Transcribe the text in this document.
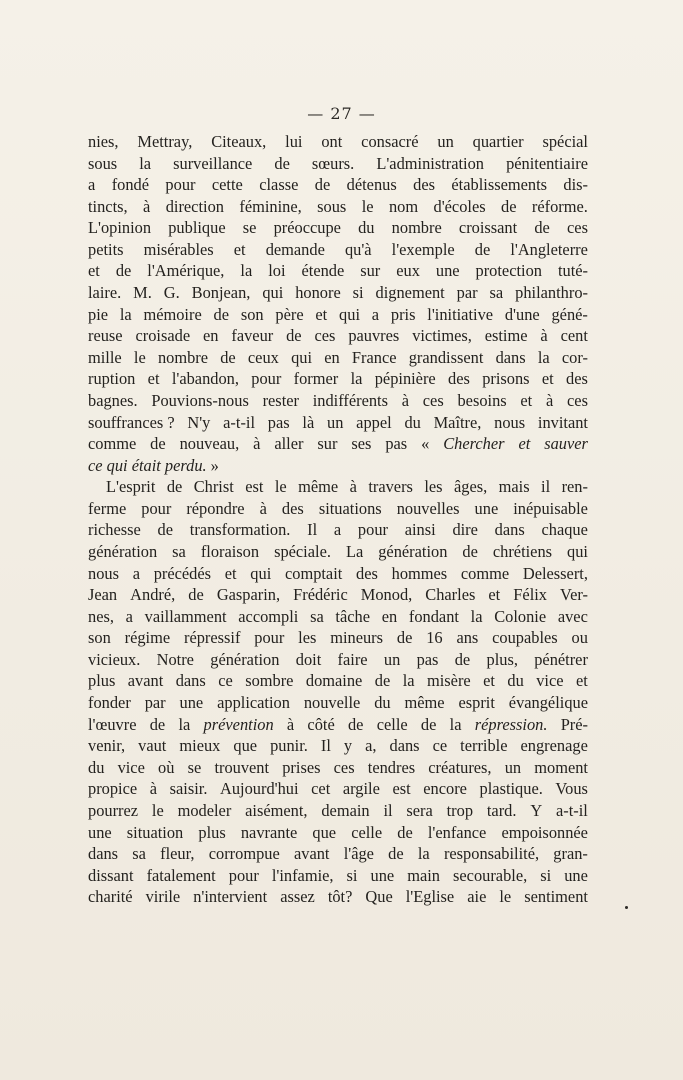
— 27 —
nies, Mettray, Citeaux, lui ont consacré un quartier spécial
sous la surveillance de sœurs. L'administration pénitentiaire
a fondé pour cette classe de détenus des établissements dis-
tincts, à direction féminine, sous le nom d'écoles de réforme.
L'opinion publique se préoccupe du nombre croissant de ces
petits misérables et demande qu'à l'exemple de l'Angleterre
et de l'Amérique, la loi étende sur eux une protection tuté-
laire. M. G. Bonjean, qui honore si dignement par sa philanthro-
pie la mémoire de son père et qui a pris l'initiative d'une géné-
reuse croisade en faveur de ces pauvres victimes, estime à cent
mille le nombre de ceux qui en France grandissent dans la cor-
ruption et l'abandon, pour former la pépinière des prisons et des
bagnes. Pouvions-nous rester indifférents à ces besoins et à ces
souffrances ? N'y a-t-il pas là un appel du Maître, nous invitant
comme de nouveau, à aller sur ses pas « Chercher et sauver
ce qui était perdu. »
L'esprit de Christ est le même à travers les âges, mais il ren-
ferme pour répondre à des situations nouvelles une inépuisable
richesse de transformation. Il a pour ainsi dire dans chaque
génération sa floraison spéciale. La génération de chrétiens qui
nous a précédés et qui comptait des hommes comme Delessert,
Jean André, de Gasparin, Frédéric Monod, Charles et Félix Ver-
nes, a vaillamment accompli sa tâche en fondant la Colonie avec
son régime répressif pour les mineurs de 16 ans coupables ou
vicieux. Notre génération doit faire un pas de plus, pénétrer
plus avant dans ce sombre domaine de la misère et du vice et
fonder par une application nouvelle du même esprit évangélique
l'œuvre de la prévention à côté de celle de la répression. Pré-
venir, vaut mieux que punir. Il y a, dans ce terrible engrenage
du vice où se trouvent prises ces tendres créatures, un moment
propice à saisir. Aujourd'hui cet argile est encore plastique. Vous
pourrez le modeler aisément, demain il sera trop tard. Y a-t-il
une situation plus navrante que celle de l'enfance empoisonnée
dans sa fleur, corrompue avant l'âge de la responsabilité, gran-
dissant fatalement pour l'infamie, si une main secourable, si une
charité virile n'intervient assez tôt? Que l'Eglise aie le sentiment
